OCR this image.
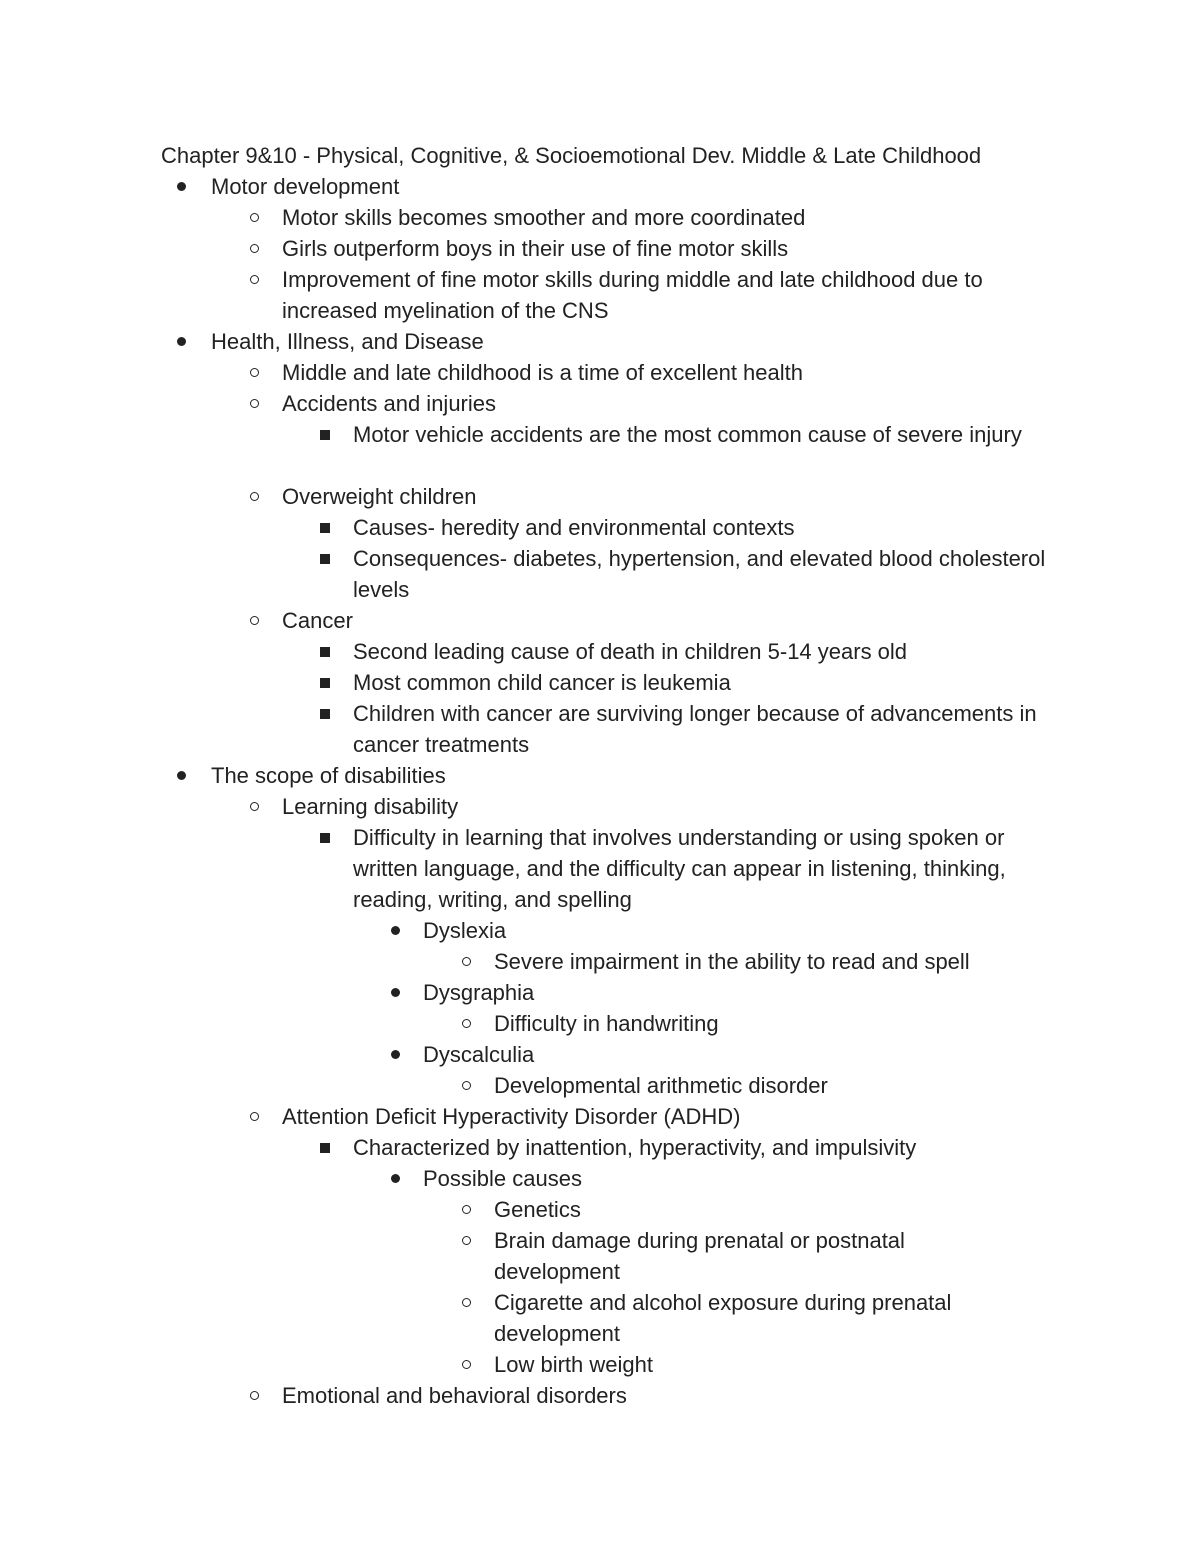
Chapter 9&10 - Physical, Cognitive, & Socioemotional Dev. Middle & Late Childhood
Motor development
Motor skills becomes smoother and more coordinated
Girls outperform boys in their use of fine motor skills
Improvement of fine motor skills during middle and late childhood due to increased myelination of the CNS
Health, Illness, and Disease
Middle and late childhood is a time of excellent health
Accidents and injuries
Motor vehicle accidents are the most common cause of severe injury
Overweight children
Causes- heredity and environmental contexts
Consequences- diabetes, hypertension, and elevated blood cholesterol levels
Cancer
Second leading cause of death in children 5-14 years old
Most common child cancer is leukemia
Children with cancer are surviving longer because of advancements in cancer treatments
The scope of disabilities
Learning disability
Difficulty in learning that involves understanding or using spoken or written language, and the difficulty can appear in listening, thinking, reading, writing, and spelling
Dyslexia
Severe impairment in the ability to read and spell
Dysgraphia
Difficulty in handwriting
Dyscalculia
Developmental arithmetic disorder
Attention Deficit Hyperactivity Disorder (ADHD)
Characterized by inattention, hyperactivity, and impulsivity
Possible causes
Genetics
Brain damage during prenatal or postnatal development
Cigarette and alcohol exposure during prenatal development
Low birth weight
Emotional and behavioral disorders
